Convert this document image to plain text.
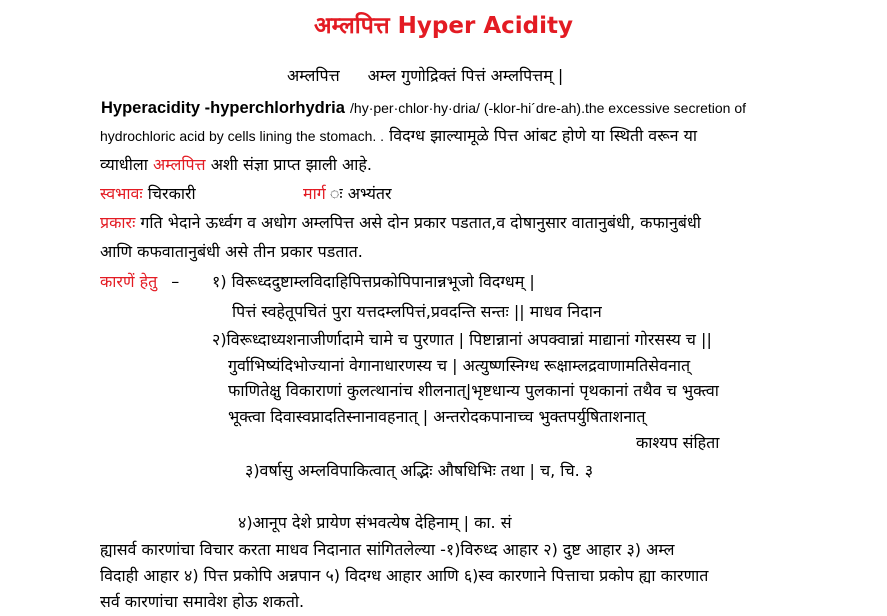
अम्लपित्त Hyper Acidity
अम्लपित्त अम्ल गुणोद्रिक्तं पित्तं अम्लपित्तम् |
Hyperacidity -hyperchlorhydria /hy·per·chlor·hy·dria/ (-klor-hi´dre-ah).the excessive secretion of
hydrochloric acid by cells lining the stomach. . विदग्ध झाल्यामूळे पित्त आंबट होणे या स्थिती वरून या
व्याधीला अम्लपित्त अशी संज्ञा प्राप्त झाली आहे.
स्वभावः चिरकारी	मार्ग ः अभ्यंतर
प्रकारः गति भेदाने ऊर्ध्वग व अधोग अम्लपित्त असे दोन प्रकार पडतात,व दोषानुसार वातानुबंधी, कफानुबंधी
आणि कफवातानुबंधी असे तीन प्रकार पडतात.
कारणें हेतु – १) विरूध्ददुष्टाम्लविदाहिपित्तप्रकोपिपानान्नभूजो विदग्धम् |
पित्तं स्वहेतूपचितं पुरा यत्तदम्लपित्तं,प्रवदन्ति सन्तः || माधव निदान
२)विरूध्दाध्यशनाजीर्णादामे चामे च पुरणात | पिष्टान्नानां अपक्वान्नां माद्यानां गोरसस्य च ||
गुर्वाभिष्यंदिभोज्यानां वेगानाधारणस्य च | अत्युष्णस्निग्ध रूक्षाम्लद्रवाणामतिसेवनात्
फाणितेक्षु विकाराणां कुलत्थानांच शीलनात्|भृष्टधान्य पुलकानां पृथकानां तथैव च भुक्त्वा
भूक्त्वा दिवास्वप्नादतिस्नानावहनात् | अन्तरोदकपानाच्च भुक्तपर्युषिताशनात्
काश्यप संहिता
३)वर्षासु अम्लविपाकित्वात् अद्भिः औषधिभिः तथा | च, चि. ३
४)आनूप देशे प्रायेण संभवत्येष देहिनाम् | का. सं
ह्यासर्व कारणांचा विचार करता माधव निदानात सांगितलेल्या -१)विरुध्द आहार २) दुष्ट आहार ३) अम्ल
विदाही आहार ४) पित्त प्रकोपि अन्नपान ५) विदग्ध आहार आणि ६)स्व कारणाने पित्ताचा प्रकोप ह्या कारणात
सर्व कारणांचा समावेश होऊ शकतो.
